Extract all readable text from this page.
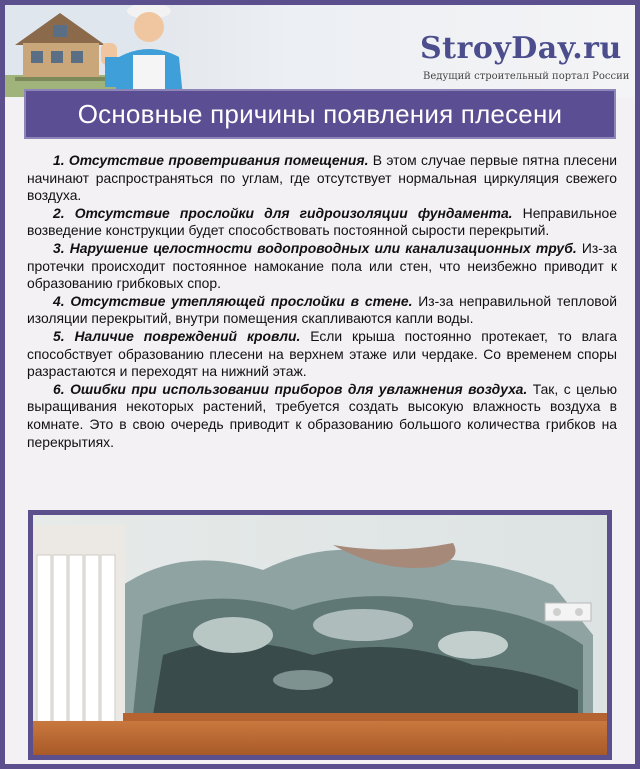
StroyDay.ru
Ведущий строительный портал России
Основные причины появления плесени

1. Отсутствие проветривания помещения. В этом случае первые пятна плесени начинают распространяться по углам, где отсутствует нормальная циркуляция свежего воздуха.

2. Отсутствие прослойки для гидроизоляции фундамента. Неправильное возведение конструкции будет способствовать постоянной сырости перекрытий.

3. Нарушение целостности водопроводных или канализационных труб. Из-за протечки происходит постоянное намокание пола или стен, что неизбежно приводит к образованию грибковых спор.

4. Отсутствие утепляющей прослойки в стене. Из-за неправильной тепловой изоляции перекрытий, внутри помещения скапливаются капли воды.

5. Наличие повреждений кровли. Если крыша постоянно протекает, то влага способствует образованию плесени на верхнем этаже или чердаке. Со временем споры разрастаются и переходят на нижний этаж.

6. Ошибки при использовании приборов для увлажнения воздуха. Так, с целью выращивания некоторых растений, требуется создать высокую влажность воздуха в комнате. Это в свою очередь приводит к образованию большого количества грибков на перекрытиях.
